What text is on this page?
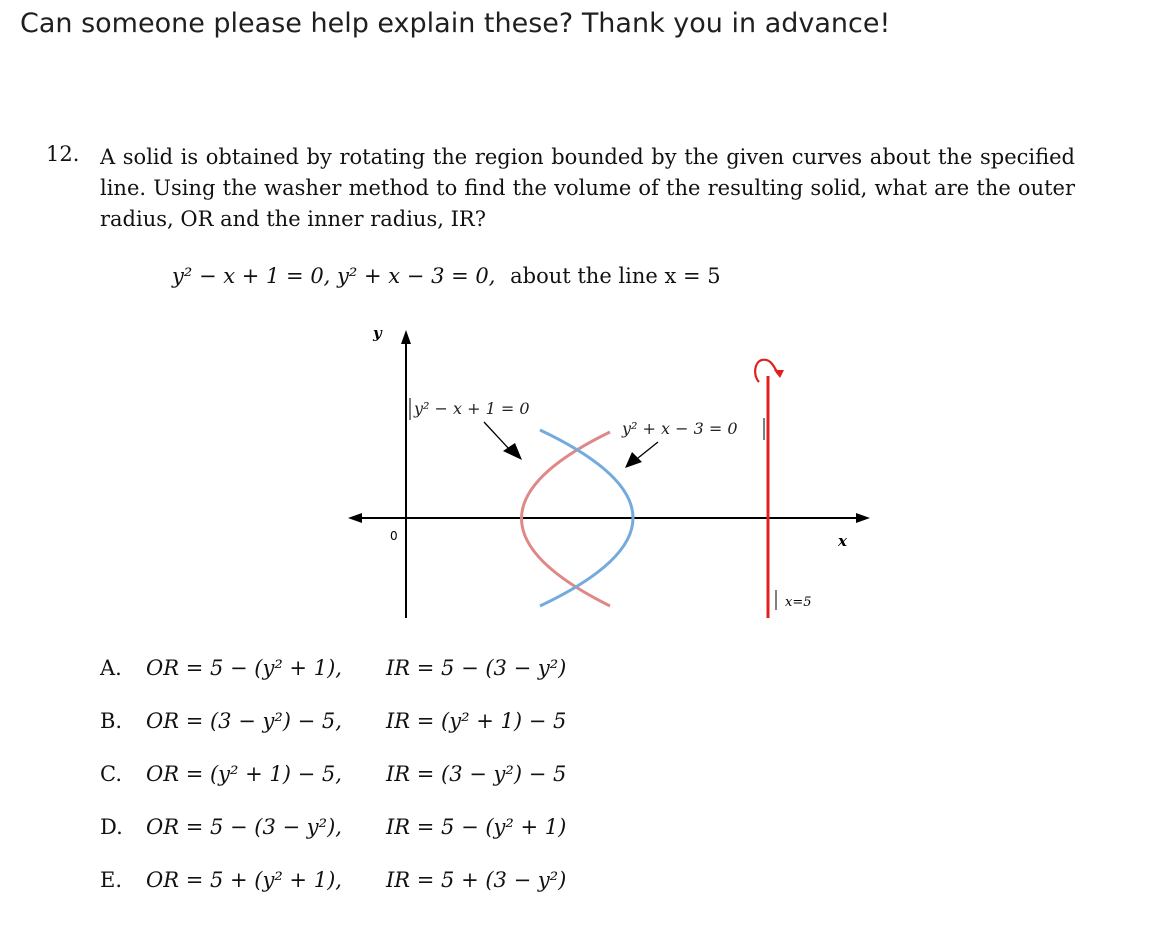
Can someone please help explain these? Thank you in advance!
12. A solid is obtained by rotating the region bounded by the given curves about the specified line. Using the washer method to find the volume of the resulting solid, what are the outer radius, OR and the inner radius, IR?

y² − x + 1 = 0, y² + x − 3 = 0, about the line x = 5
y
x
0
x=5
y² − x + 1 = 0
y² + x − 3 = 0
A.	OR = 5 − (y² + 1),	IR = 5 − (3 − y²)
B.	OR = (3 − y²) − 5,	IR = (y² + 1) − 5
C.	OR = (y² + 1) − 5,	IR = (3 − y²) − 5
D.	OR = 5 − (3 − y²),	IR = 5 − (y² + 1)
E.	OR = 5 + (y² + 1),	IR = 5 + (3 − y²)
